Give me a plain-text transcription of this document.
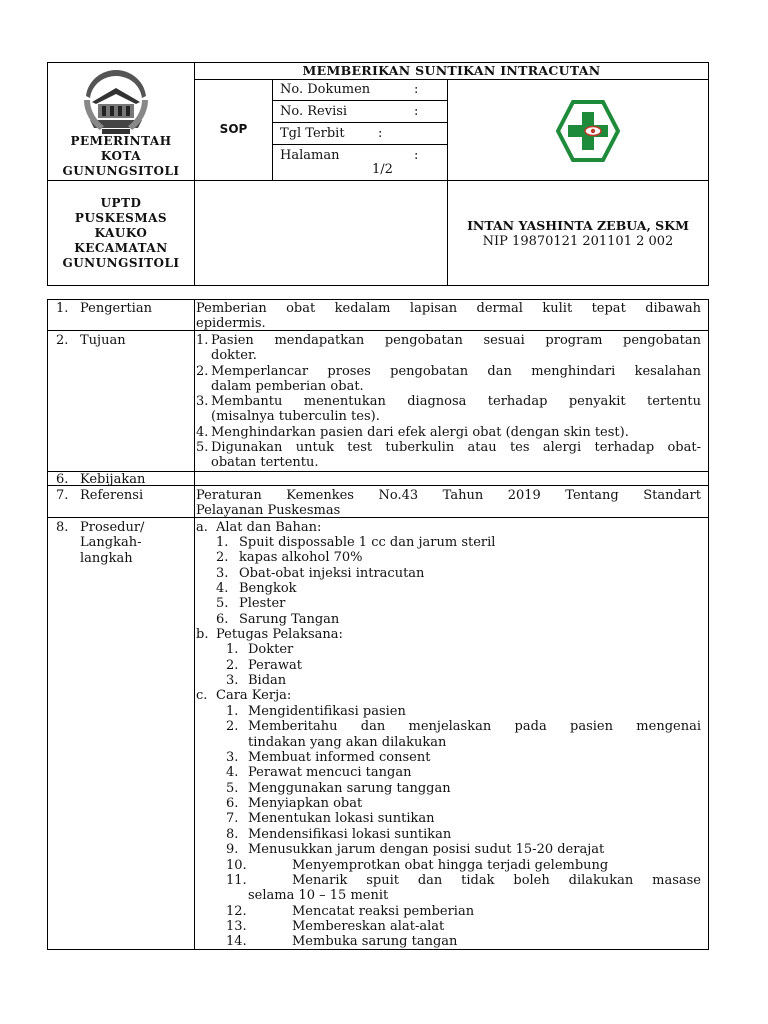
PEMERINTAH
KOTA
GUNUNGSITOLI
UPTD
PUSKESMAS
KAUKO
KECAMATAN
GUNUNGSITOLI
MEMBERIKAN SUNTIKAN INTRACUTAN
SOP
No. Dokumen	:
No. Revisi	:
Tgl Terbit	:
Halaman	:
1/2
INTAN YASHINTA ZEBUA, SKM
NIP 19870121 201101 2 002
1. Pengertian	Pemberian obat kedalam lapisan dermal kulit tepat dibawah
epidermis.
2. Tujuan	1. Pasien mendapatkan pengobatan sesuai program pengobatan
dokter.
2. Memperlancar proses pengobatan dan menghindari kesalahan
dalam pemberian obat.
3. Membantu menentukan diagnosa terhadap penyakit tertentu
(misalnya tuberculin tes).
4. Menghindarkan pasien dari efek alergi obat (dengan skin test).
5. Digunakan untuk test tuberkulin atau tes alergi terhadap obat-
obatan tertentu.
6. Kebijakan
7. Referensi	Peraturan Kemenkes No.43 Tahun 2019 Tentang Standart
Pelayanan Puskesmas
8. Prosedur/
Langkah-
langkah
a. Alat dan Bahan:
1. Spuit dispossable 1 cc dan jarum steril
2. kapas alkohol 70%
3. Obat-obat injeksi intracutan
4. Bengkok
5. Plester
6. Sarung Tangan
b. Petugas Pelaksana:
1. Dokter
2. Perawat
3. Bidan
c. Cara Kerja:
1. Mengidentifikasi pasien
2. Memberitahu dan menjelaskan pada pasien mengenai
tindakan yang akan dilakukan
3. Membuat informed consent
4. Perawat mencuci tangan
5. Menggunakan sarung tanggan
6. Menyiapkan obat
7. Menentukan lokasi suntikan
8. Mendensifikasi lokasi suntikan
9. Menusukkan jarum dengan posisi sudut 15-20 derajat
10.	Menyemprotkan obat hingga terjadi gelembung
11.	Menarik spuit dan tidak boleh dilakukan masase
selama 10 – 15 menit
12.	Mencatat reaksi pemberian
13.	Membereskan alat-alat
14.	Membuka sarung tangan
